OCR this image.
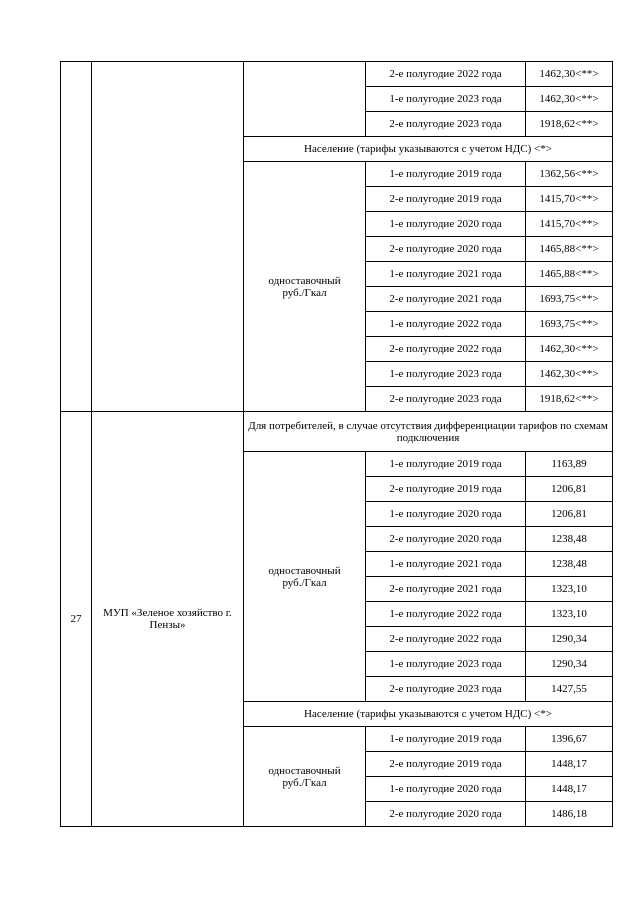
	2-е полугодие 2022 года	1462,30<**>
			1-е полугодие 2023 года	1462,30<**>
			2-е полугодие 2023 года	1918,62<**>
		Население (тарифы указываются с учетом НДС) <*>		

		одноставочный
руб./Гкал	1-е полугодие 2019 года	1362,56<**>
			2-е полугодие 2019 года	1415,70<**>
			1-е полугодие 2020 года	1415,70<**>
			2-е полугодие 2020 года	1465,88<**>
			1-е полугодие 2021 года	1465,88<**>
			2-е полугодие 2021 года	1693,75<**>
			1-е полугодие 2022 года	1693,75<**>
			2-е полугодие 2022 года	1462,30<**>
			1-е полугодие 2023 года	1462,30<**>
			2-е полугодие 2023 года	1918,62<**>
27	МУП «Зеленое хозяйство г. Пензы»	Для потребителей, в случае отсутствия дифференциации тарифов по схемам подключения		

		одноставочный
руб./Гкал	1-е полугодие 2019 года	1163,89
			2-е полугодие 2019 года	1206,81
			1-е полугодие 2020 года	1206,81
			2-е полугодие 2020 года	1238,48
			1-е полугодие 2021 года	1238,48
			2-е полугодие 2021 года	1323,10
			1-е полугодие 2022 года	1323,10
			2-е полугодие 2022 года	1290,34
			1-е полугодие 2023 года	1290,34
			2-е полугодие 2023 года	1427,55
		Население (тарифы указываются с учетом НДС) <*>		

		одноставочный
руб./Гкал	1-е полугодие 2019 года	1396,67
			2-е полугодие 2019 года	1448,17
			1-е полугодие 2020 года	1448,17
			2-е полугодие 2020 года	1486,18
